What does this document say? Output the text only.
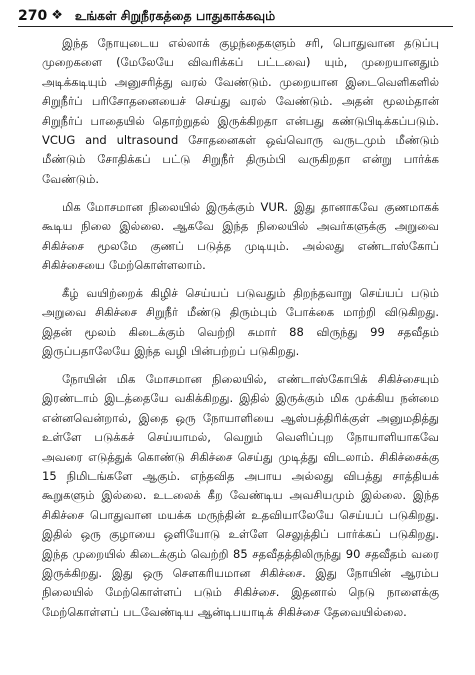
270 ❖ உங்கள் சிறுநீரகத்தை பாதுகாக்கவும்

இந்த நோயுடைய எல்லாக் குழந்தைகளும் சரி, பொதுவான தடுப்பு முறைகளை (மேலேயே விவரிக்கப் பட்டவை) யும், முறையானதும் அடிக்கடியும் அனுசரித்து வரல் வேண்டும். முறையான இடைவெளிகளில் சிறுநீர்ப் பரிசோதனையைச் செய்து வரல் வேண்டும். அதன் மூலம்தான் சிறுநீர்ப் பாதையில் தொற்றுதல் இருக்கிறதா என்பது கண்டுபிடிக்கப்படும். VCUG and ultrasound சோதனைகள் ஒவ்வொரு வருடமும் மீண்டும் மீண்டும் சோதிக்கப் பட்டு சிறுநீர் திரும்பி வருகிறதா என்று பார்க்க வேண்டும்.

மிக மோசமான நிலையில் இருக்கும் VUR. இது தானாகவே குணமாகக் கூடிய நிலை இல்லை. ஆகவே இந்த நிலையில் அவர்களுக்கு அறுவை சிகிச்சை மூலமே குணப் படுத்த முடியும். அல்லது எண்டாஸ்கோப் சிகிச்சையை மேற்கொள்ளலாம்.

கீழ் வயிற்றைக் கிழிச் செய்யப் படுவதும் திறந்தவாறு செய்யப் படும் அறுவை சிகிச்சை சிறுநீர் மீண்டு திரும்பும் போக்கை மாற்றி விடுகிறது. இதன் மூலம் கிடைக்கும் வெற்றி சுமார் 88 விருந்து 99 சதவீதம் இருப்பதாலேயே இந்த வழி பின்பற்றப் படுகிறது.

நோயின் மிக மோசமான நிலையில், எண்டாஸ்கோபிக் சிகிச்சையும் இரண்டாம் இடத்தையே வகிக்கிறது. இதில் இருக்கும் மிக முக்கிய நன்மை என்னவென்றால், இதை ஒரு நோயாளியை ஆஸ்பத்திரிக்குள் அனுமதித்து உள்ளே படுக்கச் செய்யாமல், வெறும் வெளிப்புற நோயாளியாகவே அவரை எடுத்துக் கொண்டு சிகிச்சை செய்து முடித்து விடலாம். சிகிச்சைக்கு 15 நிமிடங்களே ஆகும். எந்தவித அபாய அல்லது விபத்து சாத்தியக் கூறுகளும் இல்லை. உடலைக் கீற வேண்டிய அவசியமும் இல்லை. இந்த சிகிச்சை பொதுவான மயக்க மருந்தின் உதவியாலேயே செய்யப் படுகிறது. இதில் ஒரு குழாயை ஒளியோடு உள்ளே செலுத்திப் பார்க்கப் படுகிறது. இந்த முறையில் கிடைக்கும் வெற்றி 85 சதவீதத்திலிருந்து 90 சதவீதம் வரை இருக்கிறது. இது ஒரு சௌகரியமான சிகிச்சை. இது நோயின் ஆரம்ப நிலையில் மேற்கொள்ளப் படும் சிகிச்சை. இதனால் நெடு நாளைக்கு மேற்கொள்ளப் படவேண்டிய ஆன்டிபயாடிக் சிகிச்சை தேவையில்லை.
